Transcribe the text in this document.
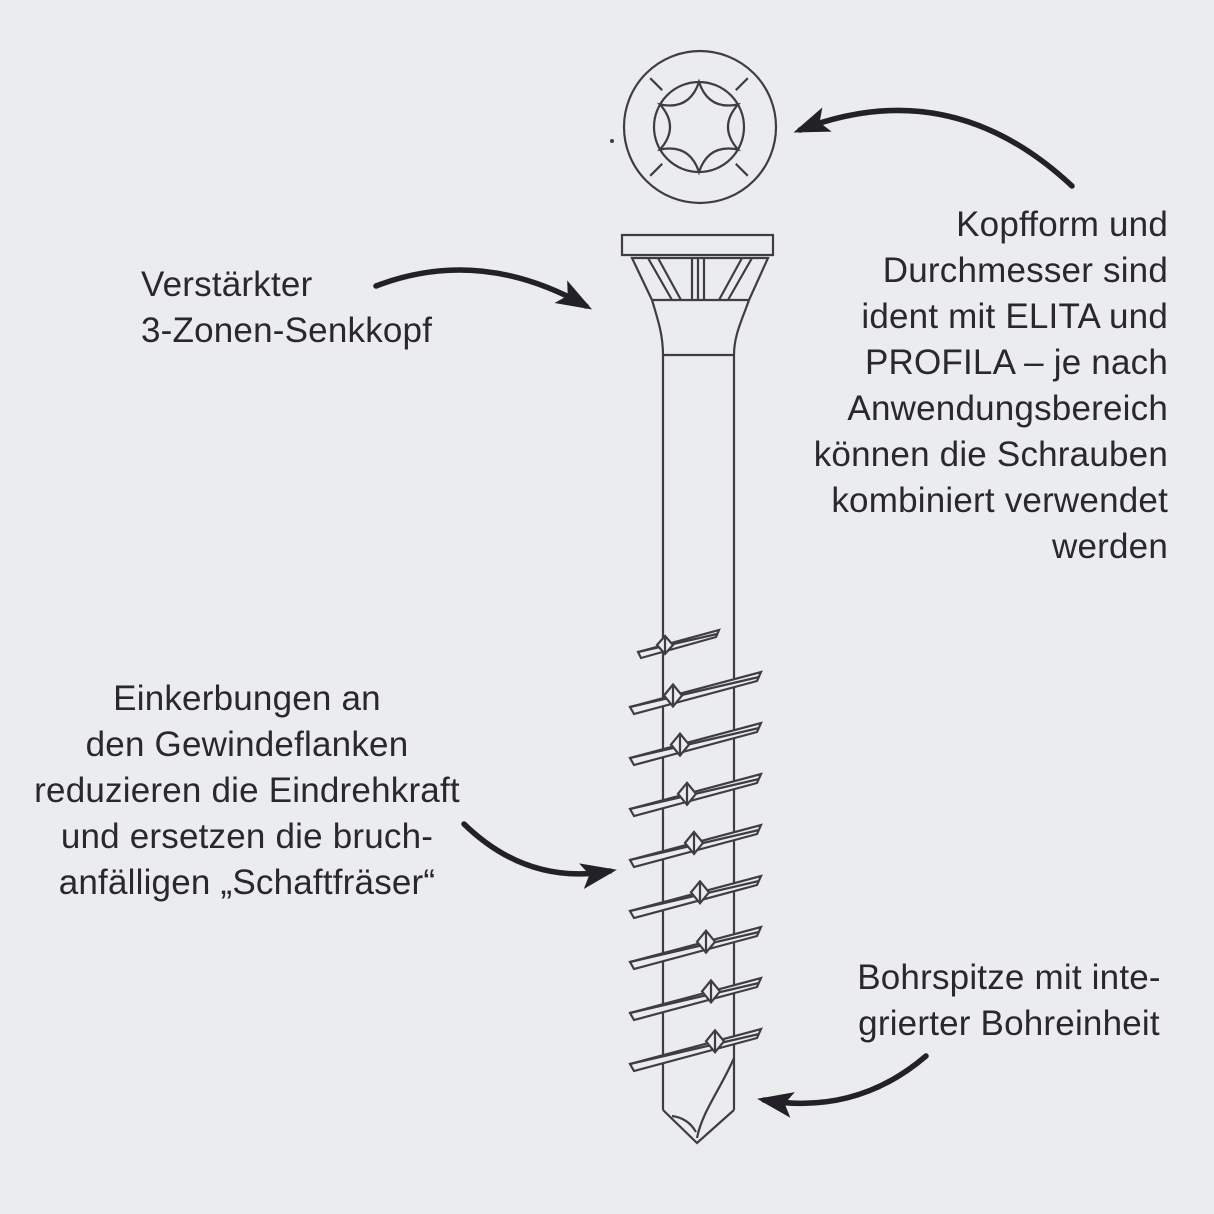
Verstärkter
3-Zonen-Senkkopf
Kopfform und
Durchmesser sind
ident mit ELITA und
PROFILA – je nach
Anwendungsbereich
können die Schrauben
kombiniert verwendet
werden
Einkerbungen an
den Gewindeflanken
reduzieren die Eindrehkraft
und ersetzen die bruch-
anfälligen „Schaftfräser“
Bohrspitze mit inte-
grierter Bohreinheit
